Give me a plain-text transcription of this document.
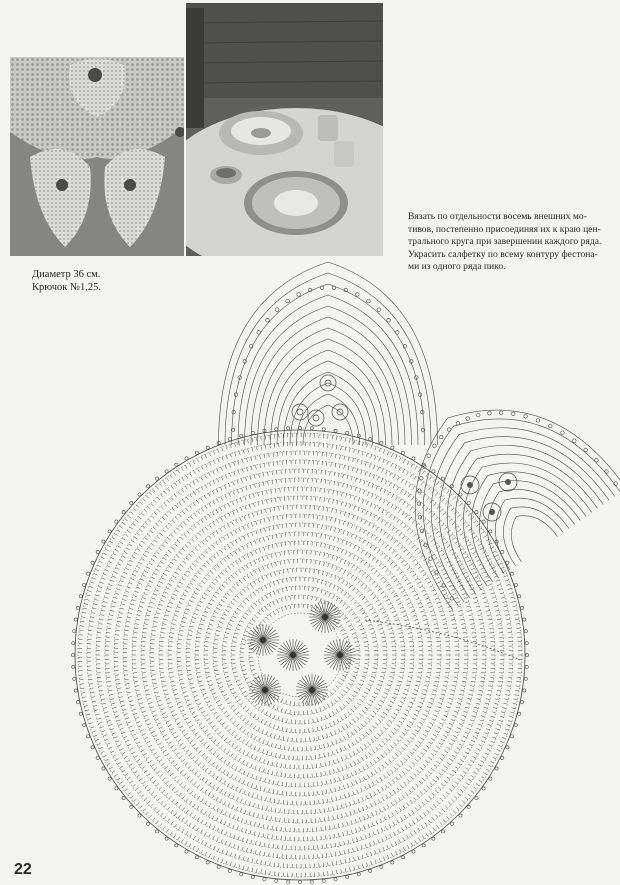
Диаметр 36 см.
Крючок №1,25.
Вязать по отдельности восемь внешних мо-
тивов, постепенно присоединяя их к краю цен-
трального круга при завершении каждого ряда.
Украсить салфетку по всему контуру фестона-
ми из одного ряда пико.
22
